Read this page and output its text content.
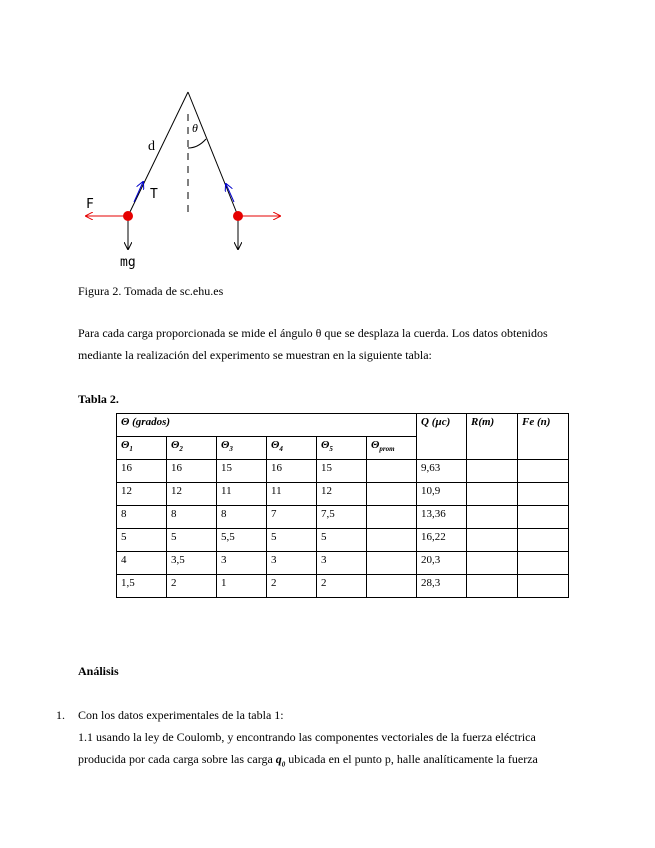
d
θ
T
F
mg
Figura 2. Tomada de sc.ehu.es
Para cada carga proporcionada se mide el ángulo θ que se desplaza la cuerda. Los datos obtenidos
mediante la realización del experimento se muestran en la siguiente tabla:
Tabla 2.
Θ (grados)						Q (µc)	R(m)	Fe (n)
$\Theta_1$	$\Theta_2$	$\Theta_3$	$\Theta_4$	$\Theta_5$	$\Theta_{prom}$
16	16	15	16	15		9,63		
12	12	11	11	12		10,9		
8	8	8	7	7,5		13,36		
5	5	5,5	5	5		16,22		
4	3,5	3	3	3		20,3		
1,5	2	1	2	2		28,3		
Análisis
1. Con los datos experimentales de la tabla 1:
1.1 usando la ley de Coulomb, y encontrando las componentes vectoriales de la fuerza eléctrica
producida por cada carga sobre las carga $q_0$ ubicada en el punto p, halle analíticamente la fuerza
